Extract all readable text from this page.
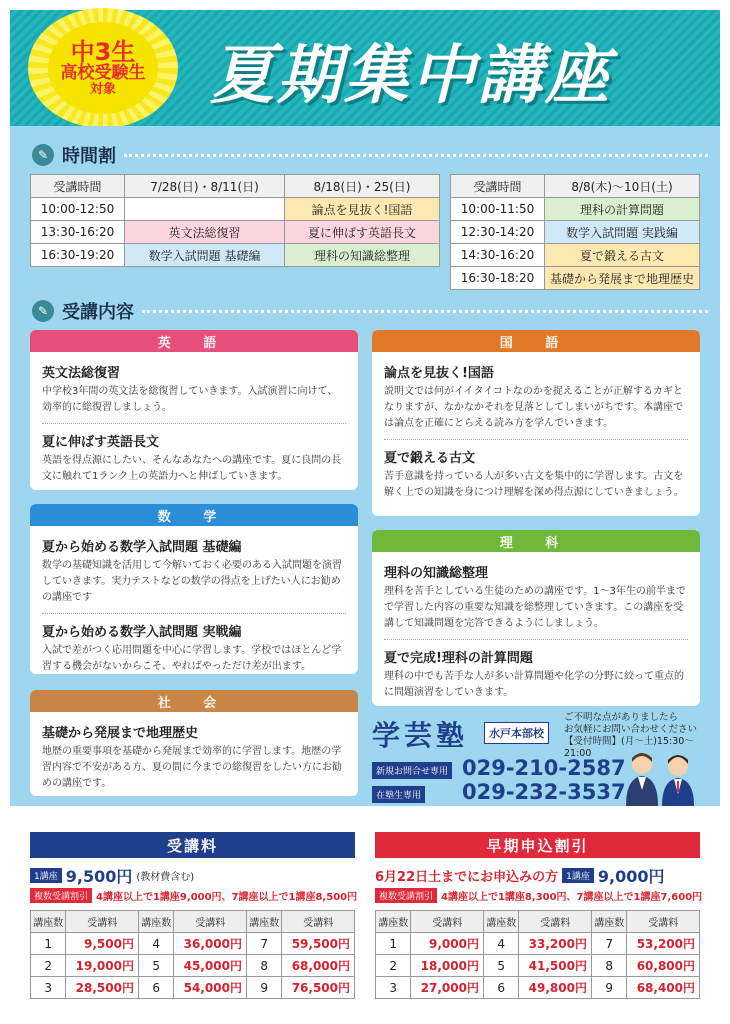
中3生
高校受験生
対象 夏期集中講座
✎ 時間割
受講時間	7/28(日)・8/11(日)	8/18(日)・25(日)
10:00-12:50		論点を見抜く!国語
13:30-16:20	英文法総復習	夏に伸ばす英語長文
16:30-19:20	数学入試問題 基礎編	理科の知識総整理
受講時間	8/8(木)〜10日(土)
10:00-11:50	理科の計算問題
12:30-14:20	数学入試問題 実践編
14:30-16:20	夏で鍛える古文
16:30-18:20	基礎から発展まで地理歴史
✎ 受講内容
英 語
英文法総復習

中学校3年間の英文法を総復習していきます。入試演習に向けて、効率的に総復習しましょう。

夏に伸ばす英語長文

英語を得点源にしたい、そんなあなたへの講座です。夏に良問の長文に触れて1ランク上の英語力へと伸ばしていきます。

数 学
夏から始める数学入試問題 基礎編

数学の基礎知識を活用して今解いておく必要のある入試問題を演習していきます。実力テストなどの数学の得点を上げたい人にお勧めの講座です

夏から始める数学入試問題 実戦編

入試で差がつく応用問題を中心に学習します。学校ではほとんど学習する機会がないからこそ、やればやっただけ差が出ます。

社 会
基礎から発展まで地理歴史

地歴の重要事項を基礎から発展まで効率的に学習します。地歴の学習内容で不安がある方、夏の間に今までの総復習をしたい方にお勧めの講座です。

国 語
論点を見抜く!国語

説明文では何がイイタイコトなのかを捉えることが正解するカギとなりますが、なかなかそれを見落としてしまいがちです。本講座では論点を正確にとらえる読み方を学んでいきます。

夏で鍛える古文

苦手意識を持っている人が多い古文を集中的に学習します。古文を解く上での知識を身につけ理解を深め得点源にしていきましょう。

理 科
理科の知識総整理

理科を苦手としている生徒のための講座です。1〜3年生の前半までで学習した内容の重要な知識を総整理していきます。この講座を受講して知識問題を完答できるようにしましょう。

夏で完成!理科の計算問題

理科の中でも苦手な人が多い計算問題や化学の分野に絞って重点的に問題演習をしていきます。

学芸塾	水戸本部校
ご不明な点がありましたら
お気軽にお問い合わせください
【受付時間】(月〜土)15:30〜21:00
新規お問合せ専用 029-210-2587
在塾生専用 029-232-3537
受講料
1講座 9,500円 (教材費含む)
複数受講割引 4講座以上で1講座9,000円、7講座以上で1講座8,500円
講座数	受講料	講座数	受講料	講座数	受講料
1	9,500円	4	36,000円	7	59,500円
2	19,000円	5	45,000円	8	68,000円
3	28,500円	6	54,000円	9	76,500円
早期申込割引
6月22日土までにお申込みの方 1講座 9,000円
複数受講割引 4講座以上で1講座8,300円、7講座以上で1講座7,600円
講座数	受講料	講座数	受講料	講座数	受講料
1	9,000円	4	33,200円	7	53,200円
2	18,000円	5	41,500円	8	60,800円
3	27,000円	6	49,800円	9	68,400円
